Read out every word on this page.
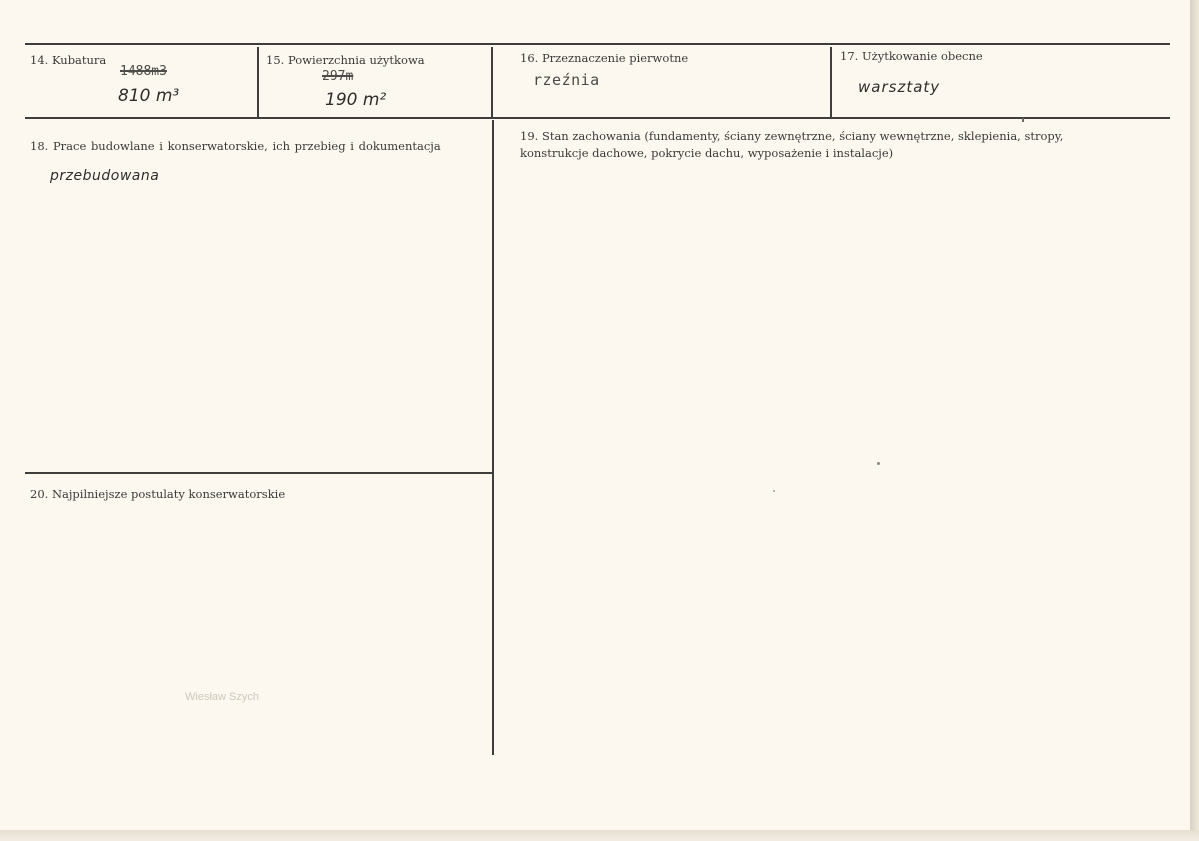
14. Kubatura
1488m3
810 m³
15. Powierzchnia użytkowa
297m
190 m²
16. Przeznaczenie pierwotne
rzeźnia
17. Użytkowanie obecne
warsztaty
18. Prace budowlane i konserwatorskie, ich przebieg i dokumentacja
przebudowana
19. Stan zachowania (fundamenty, ściany zewnętrzne, ściany wewnętrzne, sklepienia, stropy, konstrukcje dachowe, pokrycie dachu, wyposażenie i instalacje)
20. Najpilniejsze postulaty konserwatorskie
Wiesław Szych
